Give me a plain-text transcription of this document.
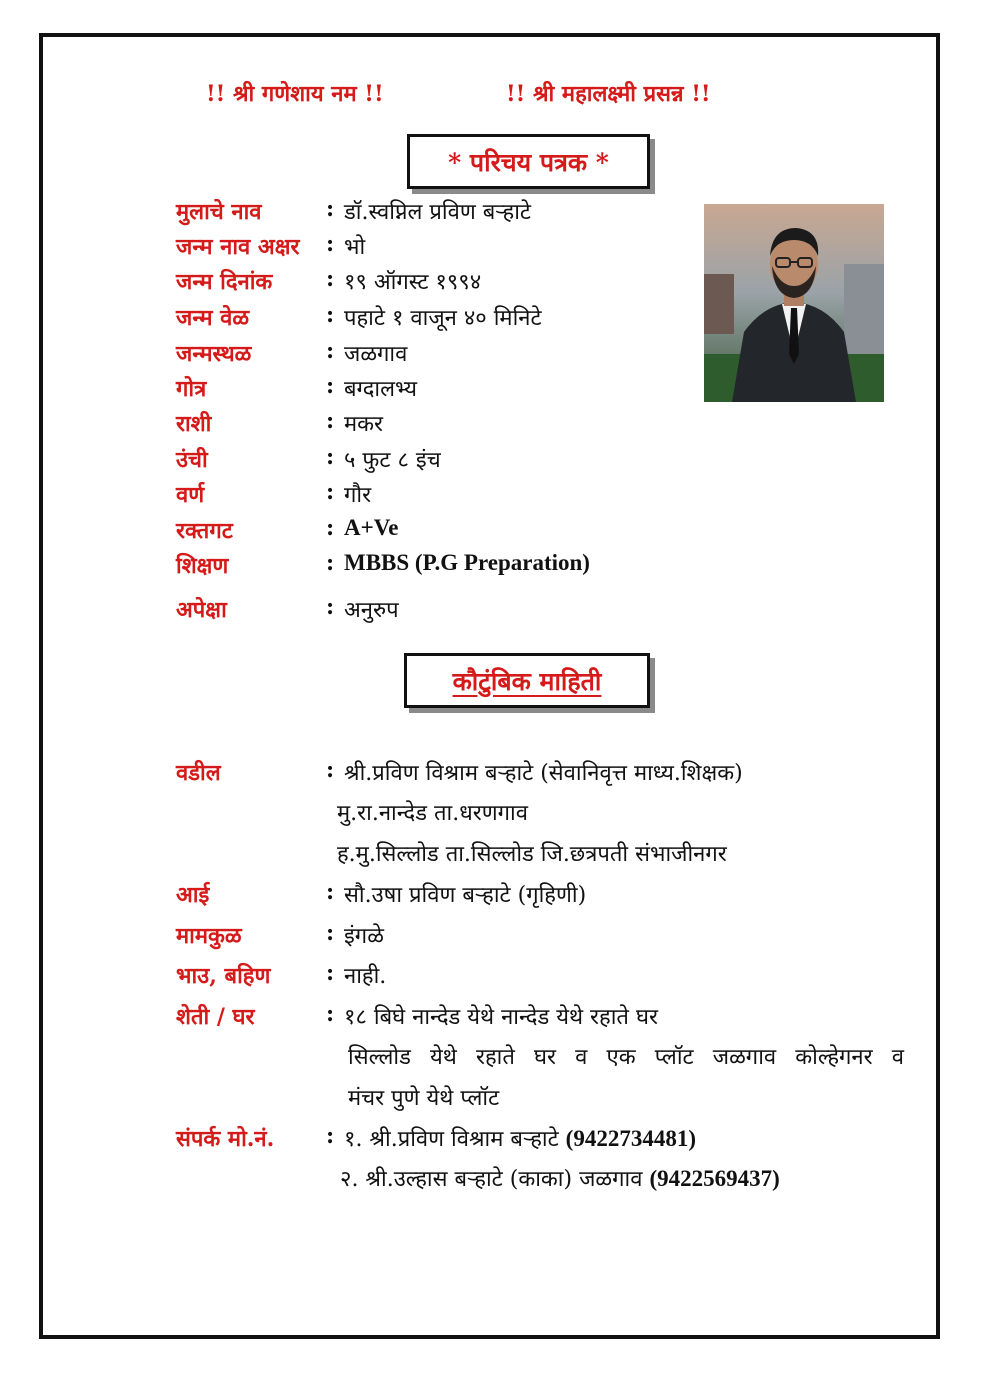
!! श्री गणेशाय नम !!	!! श्री महालक्ष्मी प्रसन्न !!
* परिचय पत्रक *
मुलाचे नाव	: डॉ.स्वप्निल प्रविण बऱ्हाटे
जन्म नाव अक्षर : भो
जन्म दिनांक : १९ ऑगस्ट १९९४
जन्म वेळ	: पहाटे १ वाजून ४० मिनिटे
जन्मस्थळ	: जळगाव
गोत्र	: बग्दालभ्य
राशी	: मकर
उंची	: ५ फुट ८ इंच
वर्ण	: गौर
रक्तगट	: A+Ve
शिक्षण	: MBBS (P.G Preparation)
अपेक्षा	: अनुरुप
कौटुंबिक माहिती
वडील	: श्री.प्रविण विश्राम बऱ्हाटे (सेवानिवृत्त माध्य.शिक्षक)
मु.रा.नान्देड ता.धरणगाव
ह.मु.सिल्लोड ता.सिल्लोड जि.छत्रपती संभाजीनगर
आई	: सौ.उषा प्रविण बऱ्हाटे (गृहिणी)
मामकुळ	: इंगळे
भाउ, बहिण	: नाही.
शेती / घर	: १८ बिघे नान्देड येथे नान्देड येथे रहाते घर
सिल्लोड येथे रहाते घर व एक प्लॉट जळगाव कोल्हेगनर व
मंचर पुणे येथे प्लॉट
संपर्क मो.नं. : १. श्री.प्रविण विश्राम बऱ्हाटे (9422734481)
२. श्री.उल्हास बऱ्हाटे (काका) जळगाव (9422569437)
